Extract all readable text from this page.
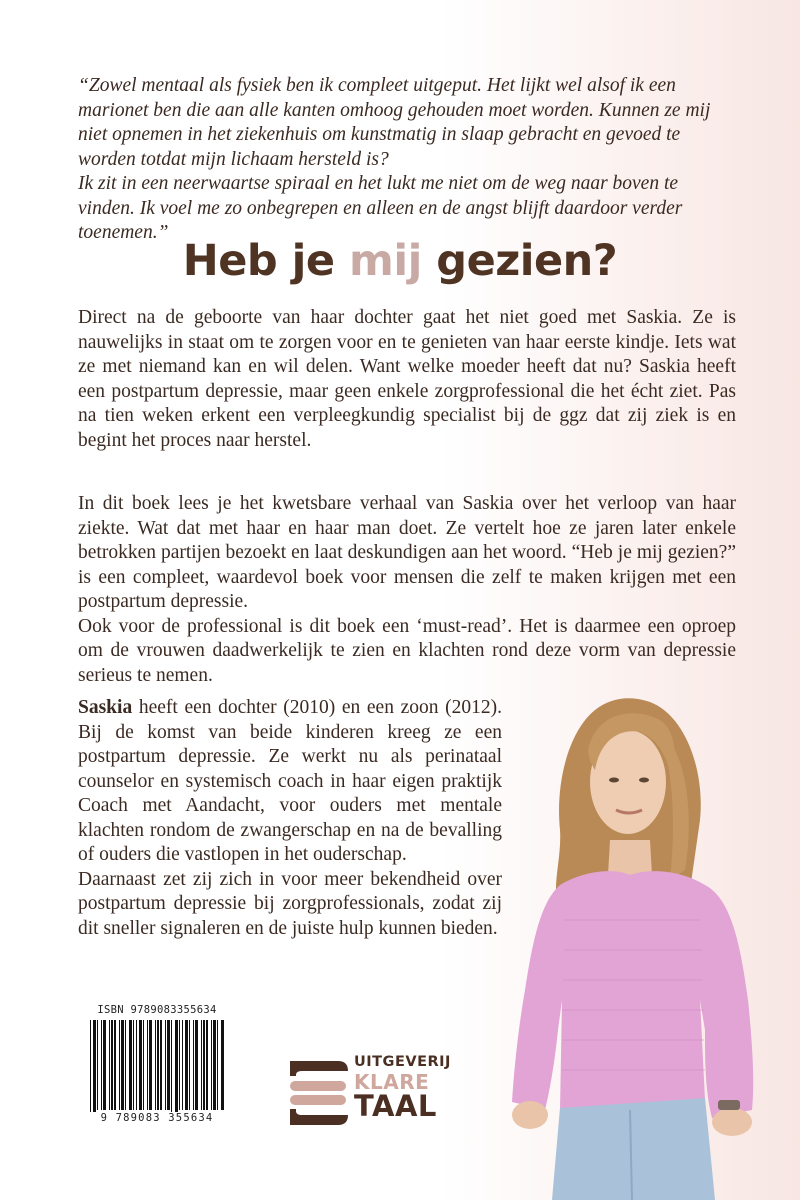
“Zowel mentaal als fysiek ben ik compleet uitgeput. Het lijkt wel alsof ik een marionet ben die aan alle kanten omhoog gehouden moet worden. Kunnen ze mij niet opnemen in het ziekenhuis om kunstmatig in slaap gebracht en gevoed te worden totdat mijn lichaam hersteld is?

Ik zit in een neerwaartse spiraal en het lukt me niet om de weg naar boven te vinden. Ik voel me zo onbegrepen en alleen en de angst blijft daardoor verder toenemen.”

Heb je mij gezien?

Direct na de geboorte van haar dochter gaat het niet goed met Saskia. Ze is nauwelijks in staat om te zorgen voor en te genieten van haar eerste kindje. Iets wat ze met niemand kan en wil delen. Want welke moeder heeft dat nu? Saskia heeft een postpartum depressie, maar geen enkele zorgprofessional die het écht ziet. Pas na tien weken erkent een verpleegkundig specialist bij de ggz dat zij ziek is en begint het proces naar herstel.

In dit boek lees je het kwetsbare verhaal van Saskia over het verloop van haar ziekte. Wat dat met haar en haar man doet. Ze vertelt hoe ze jaren later enkele betrokken partijen bezoekt en laat deskundigen aan het woord. “Heb je mij gezien?” is een compleet, waardevol boek voor mensen die zelf te maken krijgen met een postpartum depressie.

Ook voor de professional is dit boek een ‘must-read’. Het is daarmee een oproep om de vrouwen daadwerkelijk te zien en klachten rond deze vorm van depressie serieus te nemen.

Saskia heeft een dochter (2010) en een zoon (2012). Bij de komst van beide kinderen kreeg ze een postpartum depressie. Ze werkt nu als perinataal counselor en systemisch coach in haar eigen praktijk Coach met Aandacht, voor ouders met mentale klachten rondom de zwangerschap en na de bevalling of ouders die vastlopen in het ouderschap.

Daarnaast zet zij zich in voor meer bekendheid over postpartum depressie bij zorgprofessionals, zodat zij dit sneller signaleren en de juiste hulp kunnen bieden.

ISBN 9789083355634
9 789083 355634
UITGEVERIJ
KLARE
TAAL
